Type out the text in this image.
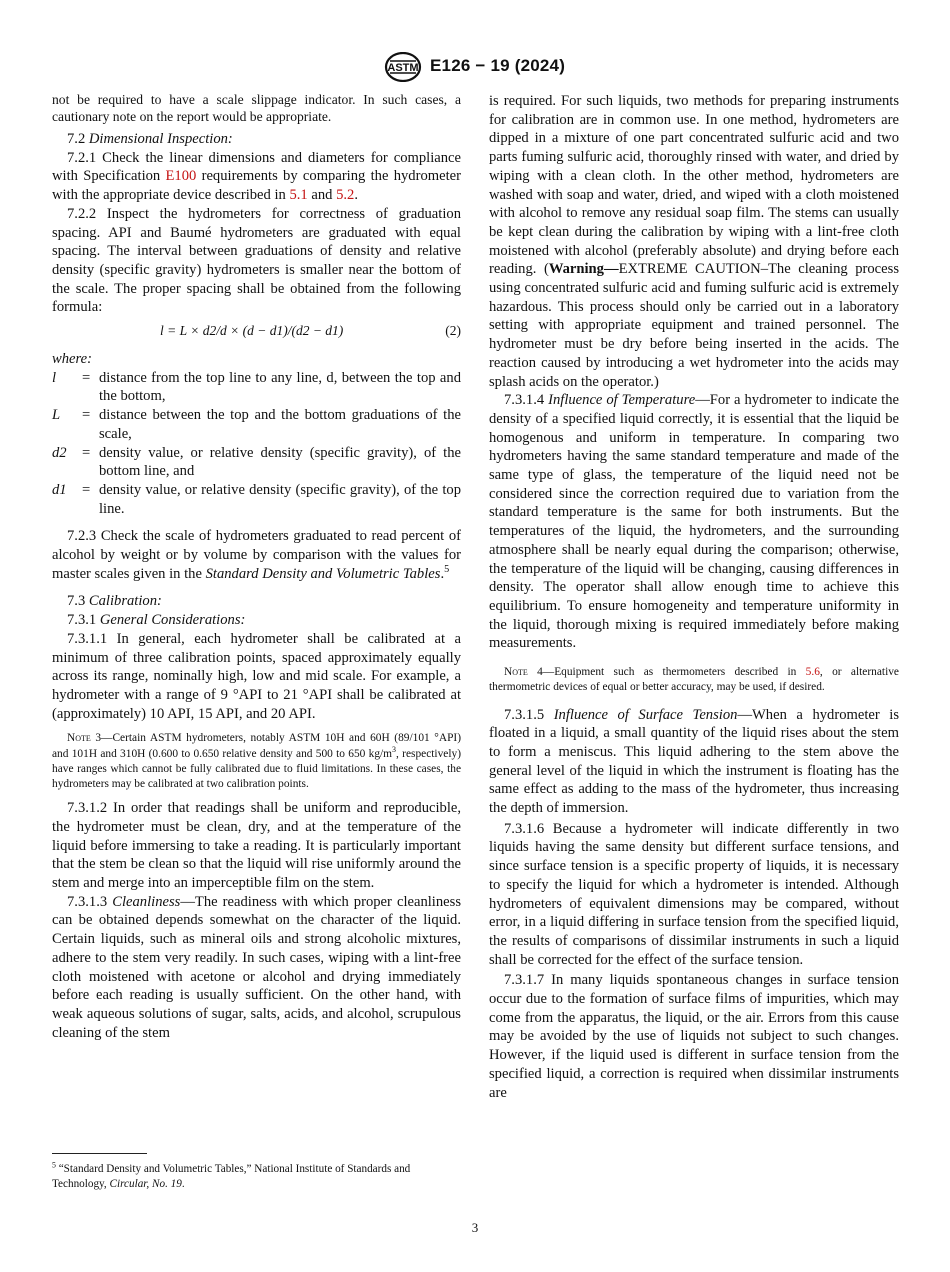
ASTM E126 − 19 (2024)

not be required to have a scale slippage indicator. In such cases, a cautionary note on the report would be appropriate.

7.2 Dimensional Inspection:

7.2.1 Check the linear dimensions and diameters for compliance with Specification E100 requirements by comparing the hydrometer with the appropriate device described in 5.1 and 5.2.

7.2.2 Inspect the hydrometers for correctness of graduation spacing. API and Baumé hydrometers are graduated with equal spacing. The interval between graduations of density and relative density (specific gravity) hydrometers is smaller near the bottom of the scale. The proper spacing shall be obtained from the following formula:

l = L × d2/d × (d − d1)/(d2 − d1)	(2)

where:

l	= distance from the top line to any line, d, between the top and the bottom,
L	= distance between the top and the bottom graduations of the scale,
d2	= density value, or relative density (specific gravity), of the bottom line, and
d1	= density value, or relative density (specific gravity), of the top line.

7.2.3 Check the scale of hydrometers graduated to read percent of alcohol by weight or by volume by comparison with the values for master scales given in the Standard Density and Volumetric Tables.$^5$

7.3 Calibration:

7.3.1 General Considerations:

7.3.1.1 In general, each hydrometer shall be calibrated at a minimum of three calibration points, spaced approximately equally across its range, nominally high, low and mid scale. For example, a hydrometer with a range of 9 °API to 21 °API shall be calibrated at (approximately) 10 API, 15 API, and 20 API.

Note 3—Certain ASTM hydrometers, notably ASTM 10H and 60H (89/101 °API) and 101H and 310H (0.600 to 0.650 relative density and 500 to 650 $kg/m^3$, respectively) have ranges which cannot be fully calibrated due to fluid limitations. In these cases, the hydrometers may be calibrated at two calibration points.

7.3.1.2 In order that readings shall be uniform and reproducible, the hydrometer must be clean, dry, and at the temperature of the liquid before immersing to take a reading. It is particularly important that the stem be clean so that the liquid will rise uniformly around the stem and merge into an imperceptible film on the stem.

7.3.1.3 Cleanliness—The readiness with which proper cleanliness can be obtained depends somewhat on the character of the liquid. Certain liquids, such as mineral oils and strong alcoholic mixtures, adhere to the stem very readily. In such cases, wiping with a lint-free cloth moistened with acetone or alcohol and drying immediately before each reading is usually sufficient. On the other hand, with weak aqueous solutions of sugar, salts, acids, and alcohol, scrupulous cleaning of the stem

$^5$ “Standard Density and Volumetric Tables,” National Institute of Standards and Technology, Circular, No. 19.

is required. For such liquids, two methods for preparing instruments for calibration are in common use. In one method, hydrometers are dipped in a mixture of one part concentrated sulfuric acid and two parts fuming sulfuric acid, thoroughly rinsed with water, and dried by wiping with a clean cloth. In the other method, hydrometers are washed with soap and water, dried, and wiped with a cloth moistened with alcohol to remove any residual soap film. The stems can usually be kept clean during the calibration by wiping with a lint-free cloth moistened with alcohol (preferably absolute) and drying before each reading. (Warning—EXTREME CAUTION–The cleaning process using concentrated sulfuric acid and fuming sulfuric acid is extremely hazardous. This process should only be carried out in a laboratory setting with appropriate equipment and trained personnel. The hydrometer must be dry before being inserted in the acids. The reaction caused by introducing a wet hydrometer into the acids may splash acids on the operator.)

7.3.1.4 Influence of Temperature—For a hydrometer to indicate the density of a specified liquid correctly, it is essential that the liquid be homogenous and uniform in temperature. In comparing two hydrometers having the same standard temperature and made of the same type of glass, the temperature of the liquid need not be considered since the correction required due to variation from the standard temperature is the same for both instruments. But the temperatures of the liquid, the hydrometers, and the surrounding atmosphere shall be nearly equal during the comparison; otherwise, the temperature of the liquid will be changing, causing differences in density. The operator shall allow enough time to achieve this equilibrium. To ensure homogeneity and temperature uniformity in the liquid, thorough mixing is required immediately before making measurements.

Note 4—Equipment such as thermometers described in 5.6, or alternative thermometric devices of equal or better accuracy, may be used, if desired.

7.3.1.5 Influence of Surface Tension—When a hydrometer is floated in a liquid, a small quantity of the liquid rises about the stem to form a meniscus. This liquid adhering to the stem above the general level of the liquid in which the instrument is floating has the same effect as adding to the mass of the hydrometer, thus increasing the depth of immersion.

7.3.1.6 Because a hydrometer will indicate differently in two liquids having the same density but different surface tensions, and since surface tension is a specific property of liquids, it is necessary to specify the liquid for which a hydrometer is intended. Although hydrometers of equivalent dimensions may be compared, without error, in a liquid differing in surface tension from the specified liquid, the results of comparisons of dissimilar instruments in such a liquid shall be corrected for the effect of the surface tension.

7.3.1.7 In many liquids spontaneous changes in surface tension occur due to the formation of surface films of impurities, which may come from the apparatus, the liquid, or the air. Errors from this cause may be avoided by the use of liquids not subject to such changes. However, if the liquid used is different in surface tension from the specified liquid, a correction is required when dissimilar instruments are

3
